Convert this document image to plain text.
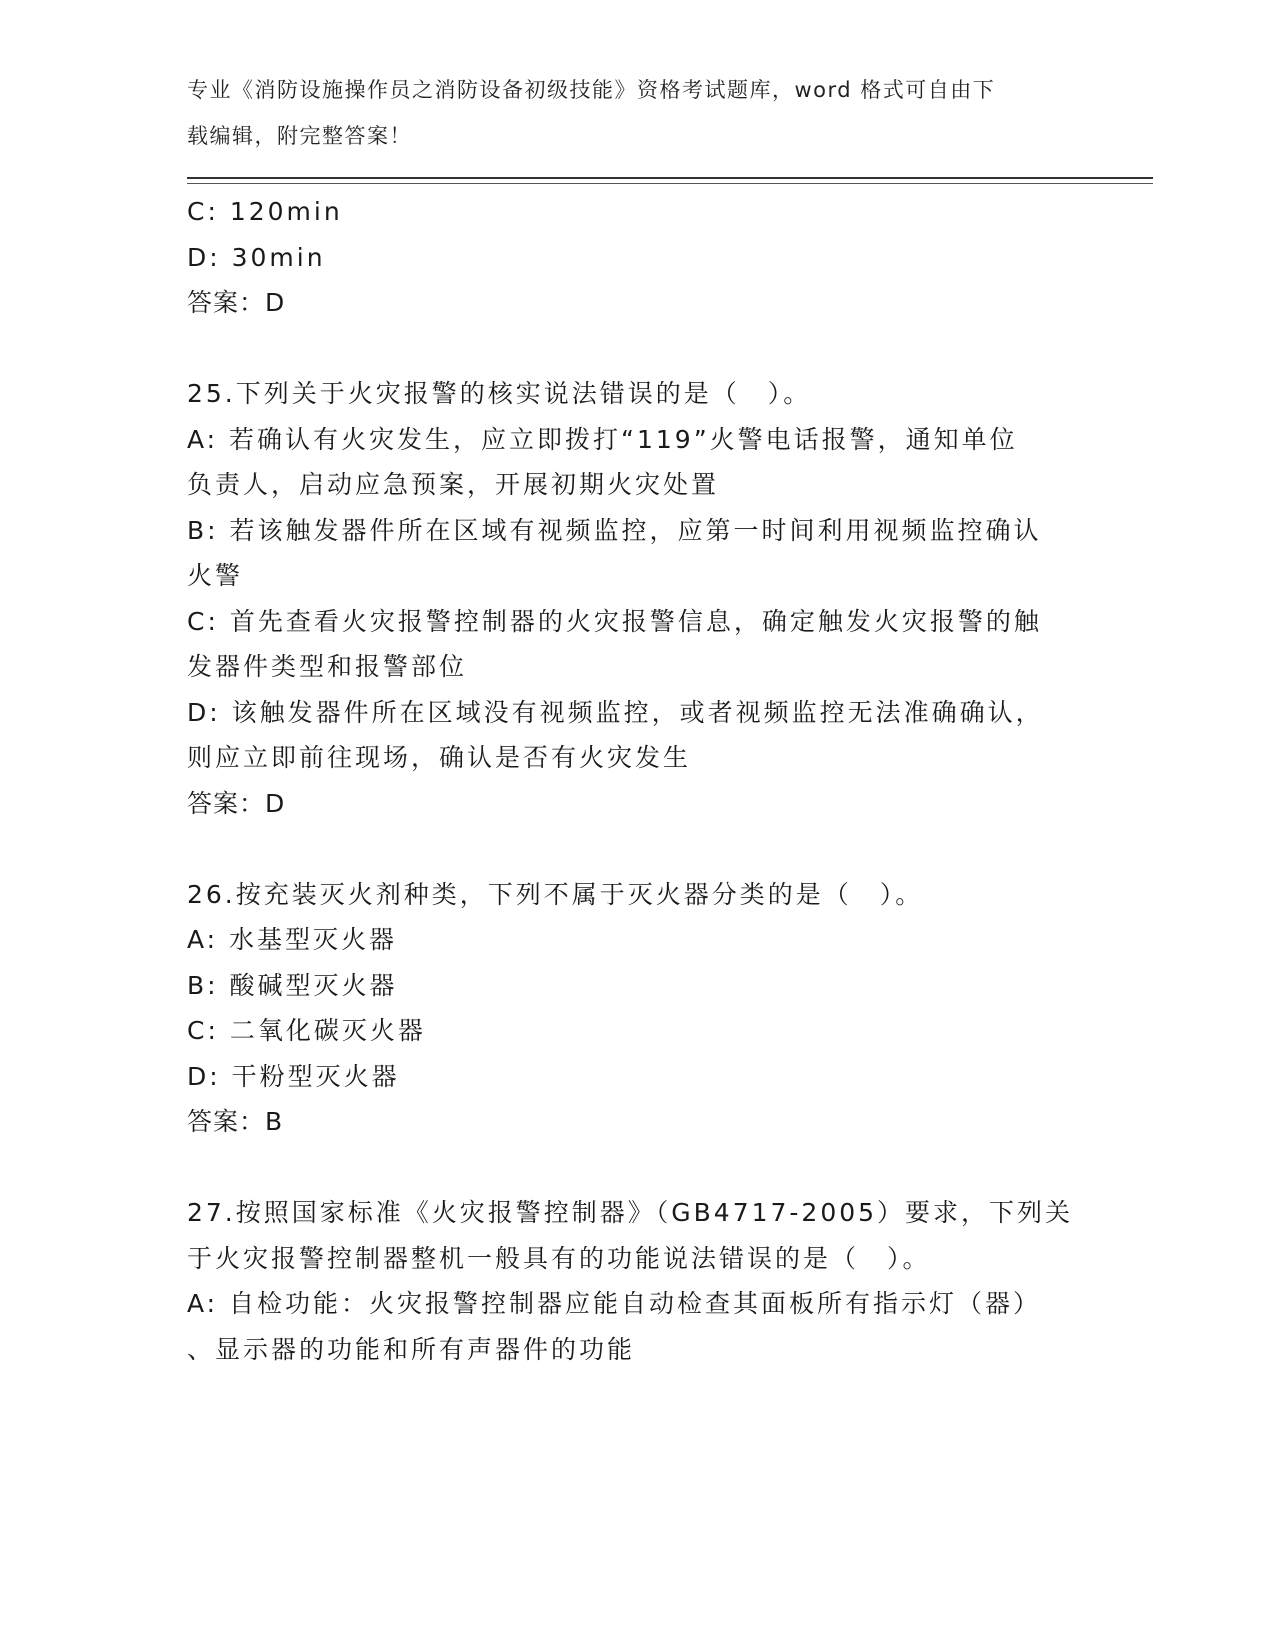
专业《消防设施操作员之消防设备初级技能》资格考试题库，word 格式可自由下
载编辑，附完整答案！
C: 120min
D: 30min
答案：D
25.下列关于火灾报警的核实说法错误的是（　）。
A: 若确认有火灾发生，应立即拨打“119”火警电话报警，通知单位
负责人，启动应急预案，开展初期火灾处置
B: 若该触发器件所在区域有视频监控，应第一时间利用视频监控确认
火警
C: 首先查看火灾报警控制器的火灾报警信息，确定触发火灾报警的触
发器件类型和报警部位
D: 该触发器件所在区域没有视频监控，或者视频监控无法准确确认，
则应立即前往现场，确认是否有火灾发生
答案：D
26.按充装灭火剂种类，下列不属于灭火器分类的是（　）。
A: 水基型灭火器
B: 酸碱型灭火器
C: 二氧化碳灭火器
D: 干粉型灭火器
答案：B
27.按照国家标准《火灾报警控制器》（GB4717-2005）要求，下列关
于火灾报警控制器整机一般具有的功能说法错误的是（　）。
A: 自检功能：火灾报警控制器应能自动检查其面板所有指示灯（器）
、显示器的功能和所有声器件的功能
